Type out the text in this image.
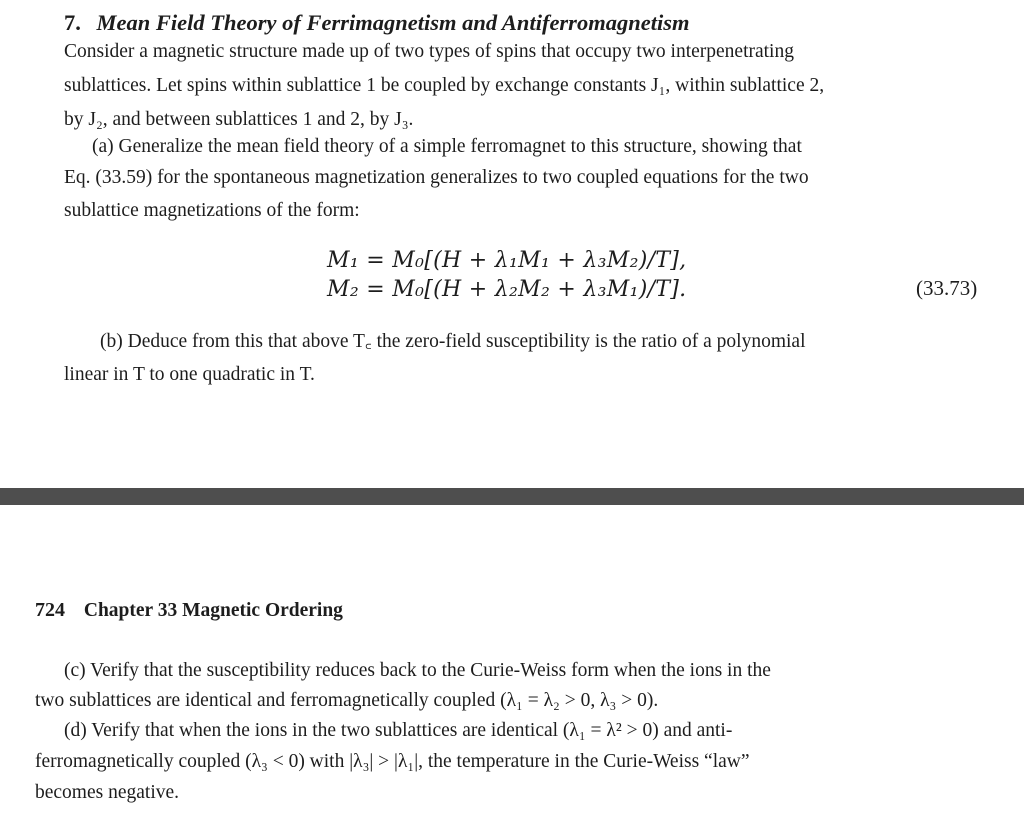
7. Mean Field Theory of Ferrimagnetism and Antiferromagnetism
Consider a magnetic structure made up of two types of spins that occupy two interpenetrating
sublattices. Let spins within sublattice 1 be coupled by exchange constants J₁, within sublattice 2,
by J₂, and between sublattices 1 and 2, by J₃.
(a) Generalize the mean field theory of a simple ferromagnet to this structure, showing that
Eq. (33.59) for the spontaneous magnetization generalizes to two coupled equations for the two
sublattice magnetizations of the form:
M₁ = M₀[(H + λ₁M₁ + λ₃M₂)/T],
M₂ = M₀[(H + λ₂M₂ + λ₃M₁)/T].	(33.73)
(b) Deduce from this that above T꜀ the zero-field susceptibility is the ratio of a polynomial
linear in T to one quadratic in T.
724 Chapter 33 Magnetic Ordering
(c) Verify that the susceptibility reduces back to the Curie-Weiss form when the ions in the
two sublattices are identical and ferromagnetically coupled (λ₁ = λ₂ > 0, λ₃ > 0).
(d) Verify that when the ions in the two sublattices are identical (λ₁ = λ² > 0) and anti-
ferromagnetically coupled (λ₃ < 0) with |λ₃| > |λ₁|, the temperature in the Curie-Weiss “law”
becomes negative.
